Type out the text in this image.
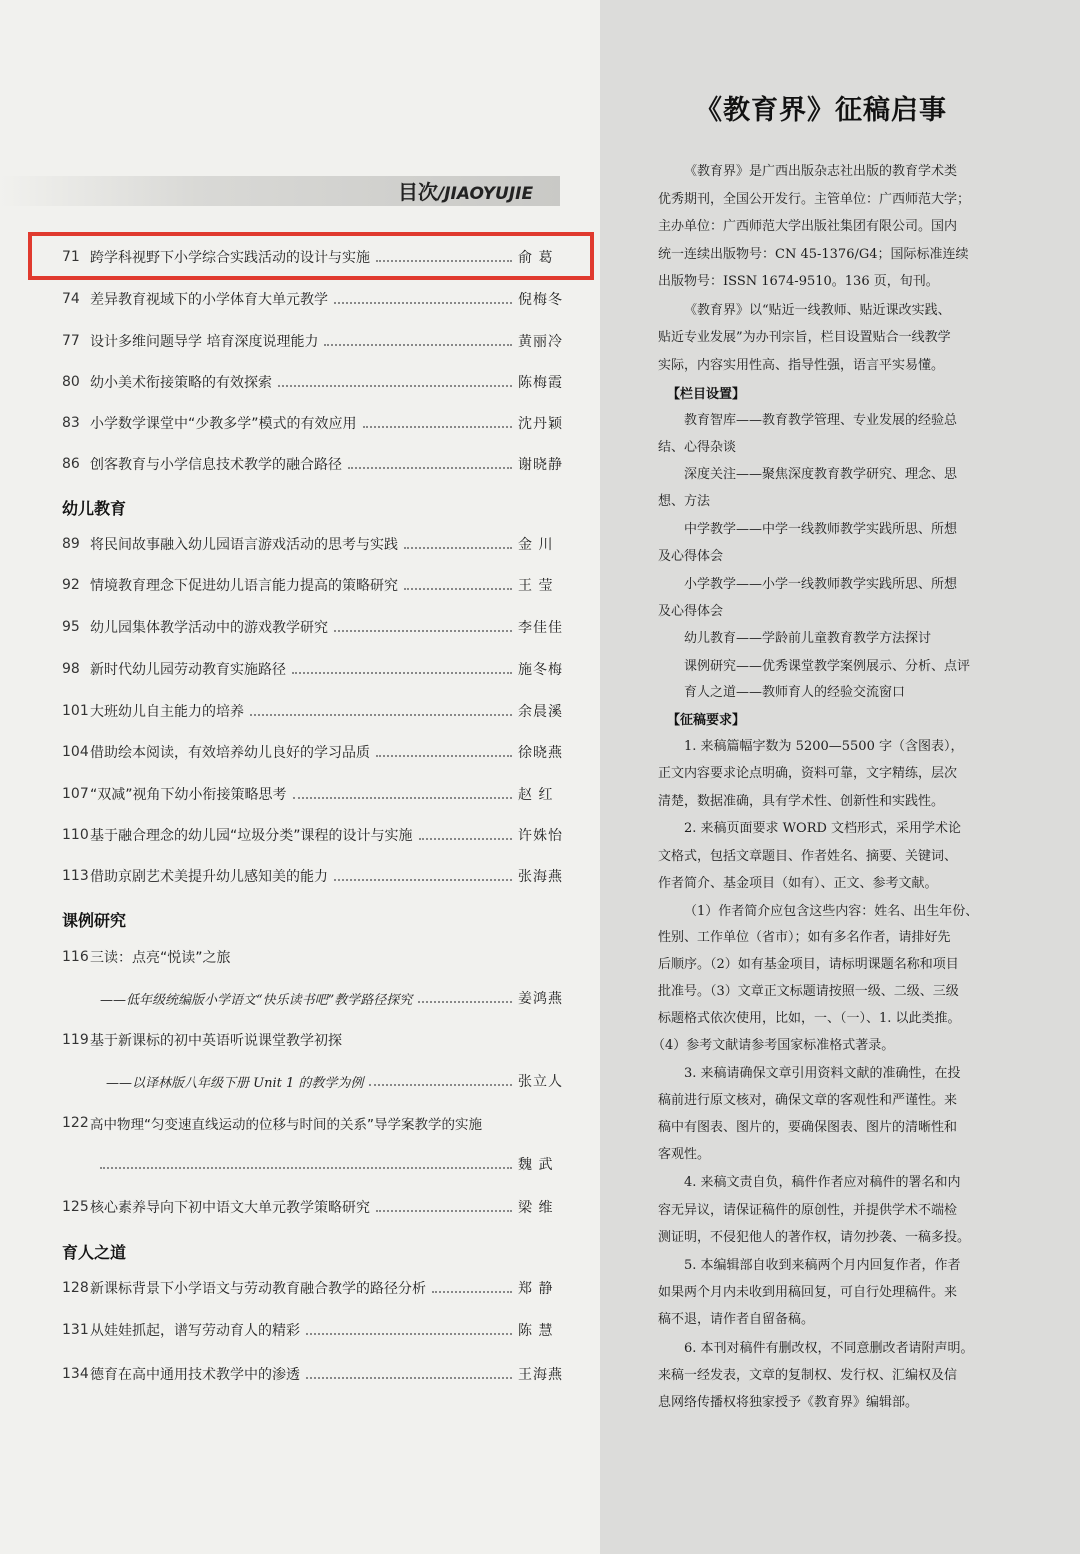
目次/JIAOYUJIE
71 跨学科视野下小学综合实践活动的设计与实施	俞 葛
74 差异教育视域下的小学体育大单元教学	倪梅冬
77 设计多维问题导学 培育深度说理能力	黄丽冷
80 幼小美术衔接策略的有效探索	陈梅霞
83 小学数学课堂中“少教多学”模式的有效应用	沈丹颖
86 创客教育与小学信息技术教学的融合路径	谢晓静
幼儿教育
89 将民间故事融入幼儿园语言游戏活动的思考与实践	金 川
92 情境教育理念下促进幼儿语言能力提高的策略研究	王 莹
95 幼儿园集体教学活动中的游戏教学研究	李佳佳
98 新时代幼儿园劳动教育实施路径	施冬梅
101 大班幼儿自主能力的培养	余晨溪
104 借助绘本阅读，有效培养幼儿良好的学习品质	徐晓燕
107 “双减”视角下幼小衔接策略思考	赵 红
110 基于融合理念的幼儿园“垃圾分类”课程的设计与实施	许姝怡
113 借助京剧艺术美提升幼儿感知美的能力	张海燕
课例研究
116 三读：点亮“悦读”之旅
——低年级统编版小学语文“快乐读书吧”教学路径探究	姜鸿燕
119 基于新课标的初中英语听说课堂教学初探
——以译林版八年级下册 Unit 1 的教学为例	张立人
122 高中物理“匀变速直线运动的位移与时间的关系”导学案教学的实施
魏 武
125 核心素养导向下初中语文大单元教学策略研究	梁 维
育人之道
128 新课标背景下小学语文与劳动教育融合教学的路径分析	郑 静
131 从娃娃抓起，谱写劳动育人的精彩	陈 慧
134 德育在高中通用技术教学中的渗透	王海燕
《教育界》征稿启事
《教育界》是广西出版杂志社出版的教育学术类
优秀期刊，全国公开发行。主管单位：广西师范大学；
主办单位：广西师范大学出版社集团有限公司。国内
统一连续出版物号：CN 45-1376/G4；国际标准连续
出版物号：ISSN 1674-9510。136 页，旬刊。
《教育界》以“贴近一线教师、贴近课改实践、
贴近专业发展”为办刊宗旨，栏目设置贴合一线教学
实际，内容实用性高、指导性强，语言平实易懂。
【栏目设置】
教育智库——教育教学管理、专业发展的经验总
结、心得杂谈
深度关注——聚焦深度教育教学研究、理念、思
想、方法
中学教学——中学一线教师教学实践所思、所想
及心得体会
小学教学——小学一线教师教学实践所思、所想
及心得体会
幼儿教育——学龄前儿童教育教学方法探讨
课例研究——优秀课堂教学案例展示、分析、点评
育人之道——教师育人的经验交流窗口
【征稿要求】
1. 来稿篇幅字数为 5200—5500 字（含图表），
正文内容要求论点明确，资料可靠，文字精练，层次
清楚，数据准确，具有学术性、创新性和实践性。
2. 来稿页面要求 WORD 文档形式，采用学术论
文格式，包括文章题目、作者姓名、摘要、关键词、
作者简介、基金项目（如有）、正文、参考文献。
（1）作者简介应包含这些内容：姓名、出生年份、
性别、工作单位（省市）；如有多名作者，请排好先
后顺序。（2）如有基金项目，请标明课题名称和项目
批准号。（3）文章正文标题请按照一级、二级、三级
标题格式依次使用，比如，一、（一）、1. 以此类推。
（4）参考文献请参考国家标准格式著录。
3. 来稿请确保文章引用资料文献的准确性，在投
稿前进行原文核对，确保文章的客观性和严谨性。来
稿中有图表、图片的，要确保图表、图片的清晰性和
客观性。
4. 来稿文责自负，稿件作者应对稿件的署名和内
容无异议，请保证稿件的原创性，并提供学术不端检
测证明，不侵犯他人的著作权，请勿抄袭、一稿多投。
5. 本编辑部自收到来稿两个月内回复作者，作者
如果两个月内未收到用稿回复，可自行处理稿件。来
稿不退，请作者自留备稿。
6. 本刊对稿件有删改权，不同意删改者请附声明。
来稿一经发表，文章的复制权、发行权、汇编权及信
息网络传播权将独家授予《教育界》编辑部。
